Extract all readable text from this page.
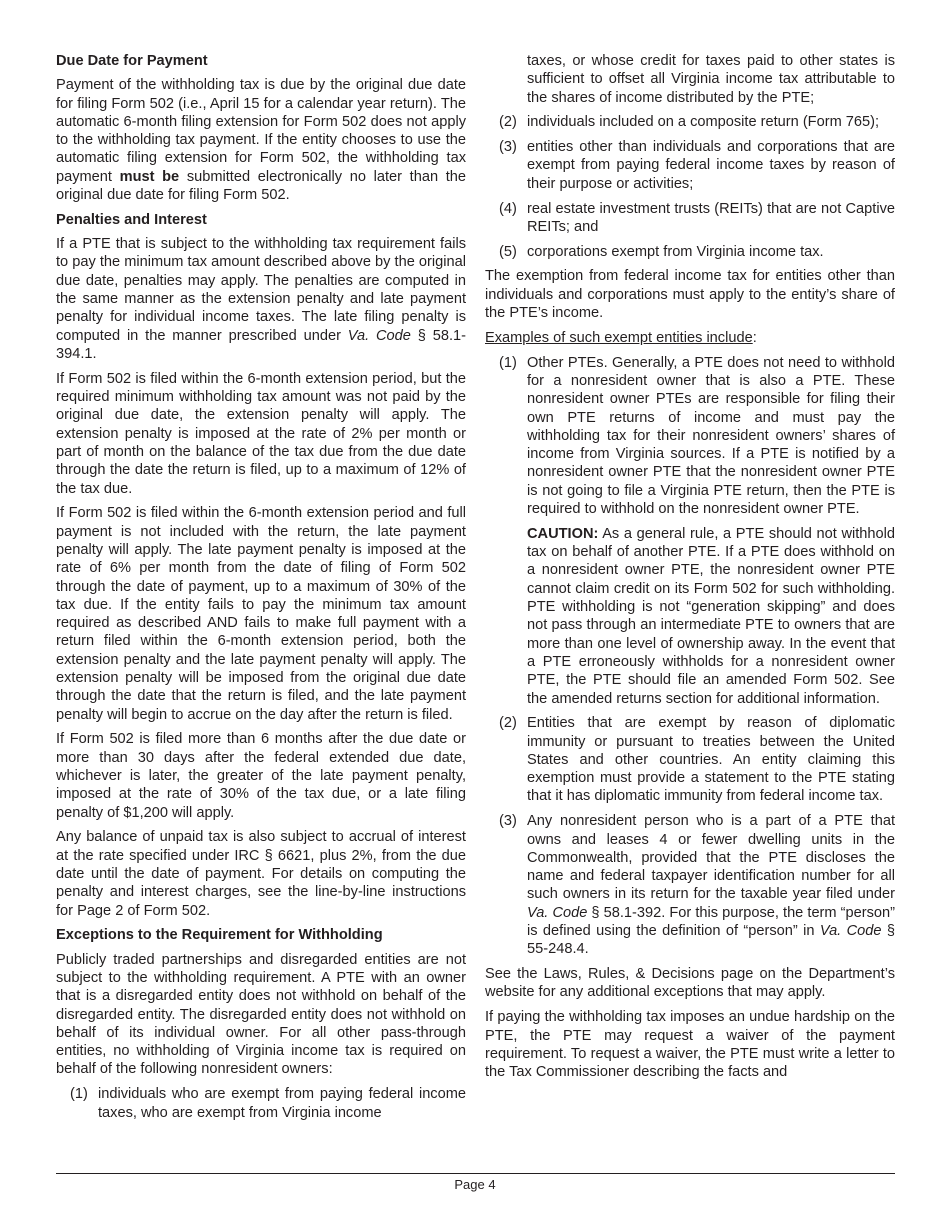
Due Date for Payment

Payment of the withholding tax is due by the original due date for filing Form 502 (i.e., April 15 for a calendar year return). The automatic 6-month filing extension for Form 502 does not apply to the withholding tax payment. If the entity chooses to use the automatic filing extension for Form 502, the withholding tax payment must be submitted electronically no later than the original due date for filing Form 502.

Penalties and Interest

If a PTE that is subject to the withholding tax requirement fails to pay the minimum tax amount described above by the original due date, penalties may apply. The penalties are computed in the same manner as the extension penalty and late payment penalty for individual income taxes. The late filing penalty is computed in the manner prescribed under Va. Code § 58.1-394.1.

If Form 502 is filed within the 6-month extension period, but the required minimum withholding tax amount was not paid by the original due date, the extension penalty will apply. The extension penalty is imposed at the rate of 2% per month or part of month on the balance of the tax due from the due date through the date the return is filed, up to a maximum of 12% of the tax due.

If Form 502 is filed within the 6-month extension period and full payment is not included with the return, the late payment penalty will apply. The late payment penalty is imposed at the rate of 6% per month from the date of filing of Form 502 through the date of payment, up to a maximum of 30% of the tax due. If the entity fails to pay the minimum tax amount required as described AND fails to make full payment with a return filed within the 6-month extension period, both the extension penalty and the late payment penalty will apply. The extension penalty will be imposed from the original due date through the date that the return is filed, and the late payment penalty will begin to accrue on the day after the return is filed.

If Form 502 is filed more than 6 months after the due date or more than 30 days after the federal extended due date, whichever is later, the greater of the late payment penalty, imposed at the rate of 30% of the tax due, or a late filing penalty of $1,200 will apply.

Any balance of unpaid tax is also subject to accrual of interest at the rate specified under IRC § 6621, plus 2%, from the due date until the date of payment. For details on computing the penalty and interest charges, see the line-by-line instructions for Page 2 of Form 502.

Exceptions to the Requirement for Withholding

Publicly traded partnerships and disregarded entities are not subject to the withholding requirement. A PTE with an owner that is a disregarded entity does not withhold on behalf of the disregarded entity. The disregarded entity does not withhold on behalf of its individual owner. For all other pass-through entities, no withholding of Virginia income tax is required on behalf of the following nonresident owners:

(1) individuals who are exempt from paying federal income taxes, who are exempt from Virginia income
taxes, or whose credit for taxes paid to other states is sufficient to offset all Virginia income tax attributable to the shares of income distributed by the PTE;
(2) individuals included on a composite return (Form 765);
(3) entities other than individuals and corporations that are exempt from paying federal income taxes by reason of their purpose or activities;
(4) real estate investment trusts (REITs) that are not Captive REITs; and
(5) corporations exempt from Virginia income tax.

The exemption from federal income tax for entities other than individuals and corporations must apply to the entity’s share of the PTE’s income.

Examples of such exempt entities include:

(1) Other PTEs. Generally, a PTE does not need to withhold for a nonresident owner that is also a PTE. These nonresident owner PTEs are responsible for filing their own PTE returns of income and must pay the withholding tax for their nonresident owners’ shares of income from Virginia sources. If a PTE is notified by a nonresident owner PTE that the nonresident owner PTE is not going to file a Virginia PTE return, then the PTE is required to withhold on the nonresident owner PTE.
CAUTION: As a general rule, a PTE should not withhold tax on behalf of another PTE. If a PTE does withhold on a nonresident owner PTE, the nonresident owner PTE cannot claim credit on its Form 502 for such withholding. PTE withholding is not “generation skipping” and does not pass through an intermediate PTE to owners that are more than one level of ownership away. In the event that a PTE erroneously withholds for a nonresident owner PTE, the PTE should file an amended Form 502. See the amended returns section for additional information.
(2) Entities that are exempt by reason of diplomatic immunity or pursuant to treaties between the United States and other countries. An entity claiming this exemption must provide a statement to the PTE stating that it has diplomatic immunity from federal income tax.
(3) Any nonresident person who is a part of a PTE that owns and leases 4 or fewer dwelling units in the Commonwealth, provided that the PTE discloses the name and federal taxpayer identification number for all such owners in its return for the taxable year filed under Va. Code § 58.1-392. For this purpose, the term “person” is defined using the definition of “person” in Va. Code § 55-248.4.

See the Laws, Rules, & Decisions page on the Department’s website for any additional exceptions that may apply.

If paying the withholding tax imposes an undue hardship on the PTE, the PTE may request a waiver of the payment requirement. To request a waiver, the PTE must write a letter to the Tax Commissioner describing the facts and

Page 4
